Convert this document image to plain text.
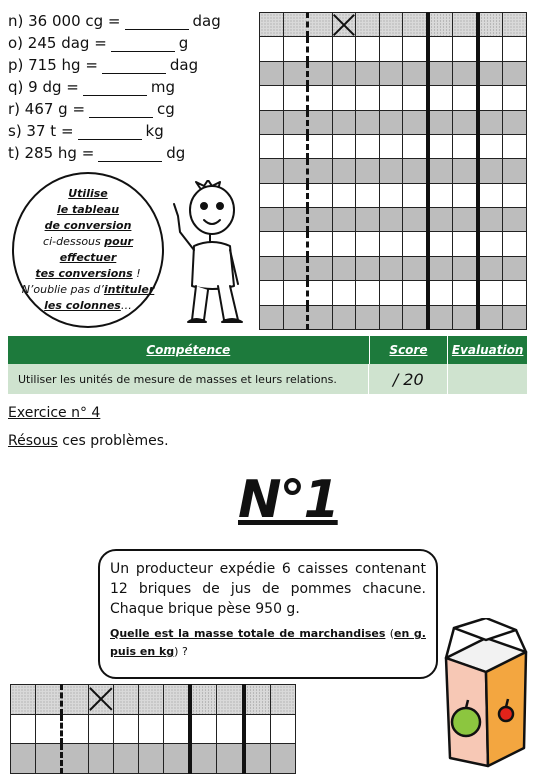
n) 36 000 cg =	dag
o) 245 dag =	g
p) 715 hg =	dag
q) 9 dg =	mg
r) 467 g =	cg
s) 37 t =	kg
t) 285 hg =	dg
Utilise
le tableau
de conversion
ci-dessous pour effectuer
tes conversions !
N’oublie pas d’intituler
les colonnes…

Compétence	Score	Evaluation
Utiliser les unités de mesure de masses et leurs relations.	/ 20
Exercice n° 4
Résous ces problèmes.
N°1
Un producteur expédie 6 caisses contenant 12 briques de jus de pommes chacune. Chaque brique pèse 950 g.
Quelle est la masse totale de marchandises (en g. puis en kg) ?
